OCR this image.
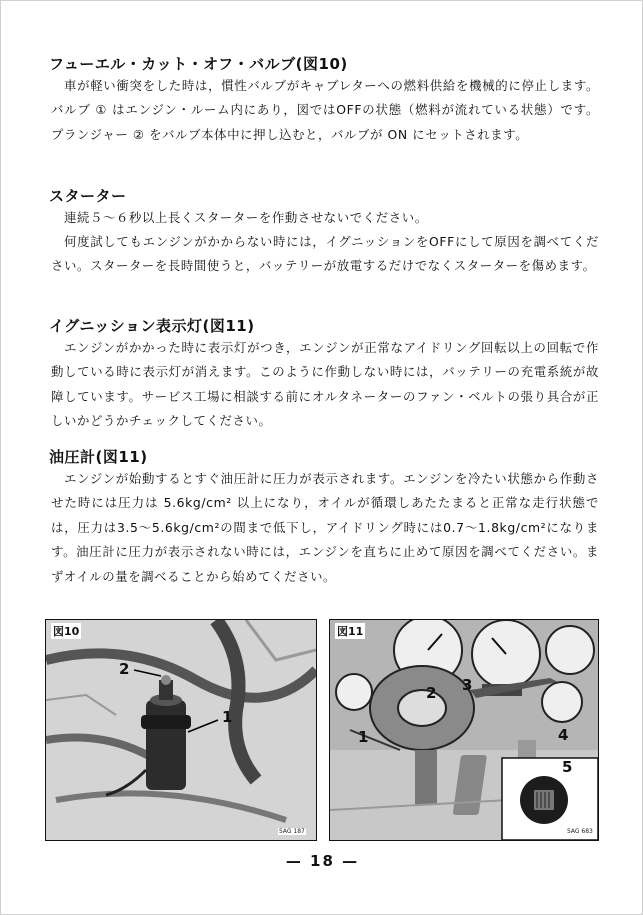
フューエル・カット・オフ・バルブ(図10)
車が軽い衝突をした時は，慣性バルブがキャブレターへの燃料供給を機械的に停止します。バルブ ① はエンジン・ルーム内にあり，図ではOFFの状態（燃料が流れている状態）です。プランジャー ② をバルブ本体中に押し込むと，バルブが ON にセットされます。
スターター
連続５～６秒以上長くスターターを作動させないでください。
何度試してもエンジンがかからない時には，イグニッションをOFFにして原因を調べてください。スターターを長時間使うと，バッテリーが放電するだけでなくスターターを傷めます。
イグニッション表示灯(図11)
エンジンがかかった時に表示灯がつき，エンジンが正常なアイドリング回転以上の回転で作動している時に表示灯が消えます。このように作動しない時には，バッテリーの充電系統が故障しています。サービス工場に相談する前にオルタネーターのファン・ベルトの張り具合が正しいかどうかチェックしてください。
油圧計(図11)
エンジンが始動するとすぐ油圧計に圧力が表示されます。エンジンを冷たい状態から作動させた時には圧力は 5.6kg/cm² 以上になり，オイルが循環しあたたまると正常な走行状態では，圧力は3.5～5.6kg/cm²の間まで低下し，アイドリング時には0.7～1.8kg/cm²になります。油圧計に圧力が表示されない時には，エンジンを直ちに止めて原因を調べてください。まずオイルの量を調べることから始めてください。
図10
2
1
5AG 187
図11
1
2 3
4
5
5AG 683
— 18 —
